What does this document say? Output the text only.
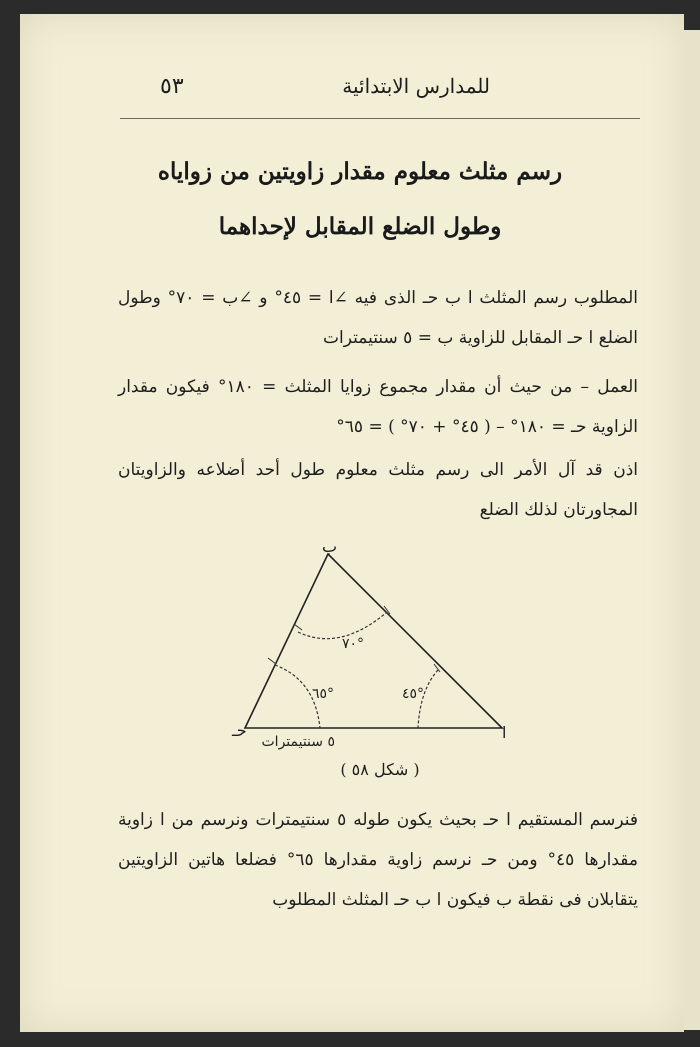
٥٣	للمدارس الابتدائية
رسم مثلث معلوم مقدار زاويتين من زواياه
وطول الضلع المقابل لإحداهما
المطلوب رسم المثلث ا ب حـ الذى فيه ∠ا = ٤٥° و ∠ب = ٧٠° وطول الضلع ا حـ المقابل للزاوية ب = ٥ سنتيمترات
العمل – من حيث أن مقدار مجموع زوايا المثلث = ١٨٠° فيكون مقدار الزاوية حـ = ١٨٠° – ( ٤٥° + ٧٠° ) = ٦٥°
اذن قد آل الأمر الى رسم مثلث معلوم طول أحد أضلاعه والزاويتان المجاورتان لذلك الضلع
ب
حـ	ا
٧٠°
٦٥°	٤٥°
٥ سنتيمترات
( شكل ٥٨ )
فنرسم المستقيم ا حـ بحيث يكون طوله ٥ سنتيمترات ونرسم من ا زاوية مقدارها ٤٥° ومن حـ نرسم زاوية مقدارها ٦٥° فضلعا هاتين الزاويتين يتقابلان فى نقطة ب فيكون ا ب حـ المثلث المطلوب
